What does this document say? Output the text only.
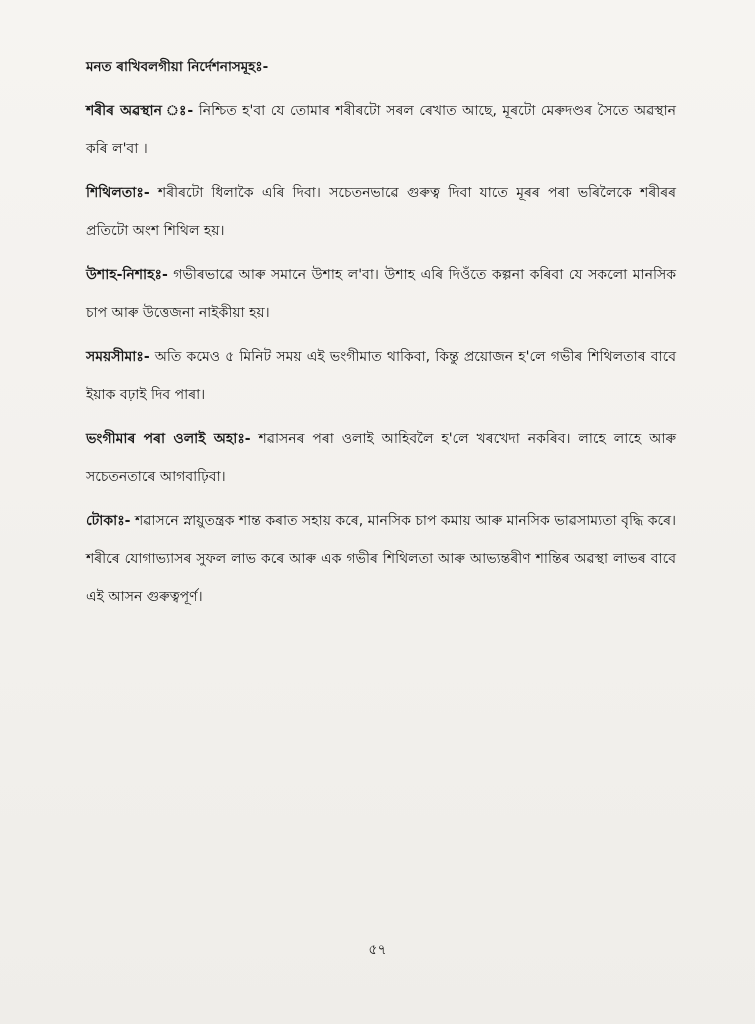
মনত ৰাখিবলগীয়া নিৰ্দেশনাসমূহঃ-

শৰীৰ অৱস্থান ঃ- নিশ্চিত হ'বা যে তোমাৰ শৰীৰটো সৰল ৰেখাত আছে, মূৰটো মেৰুদণ্ডৰ সৈতে অৱস্থান কৰি ল'বা ।

শিথিলতাঃ- শৰীৰটো ধিলাকৈ এৰি দিবা। সচেতনভাৱে গুৰুত্ব দিবা যাতে মূৰৰ পৰা ভৰিলৈকে শৰীৰৰ প্ৰতিটো অংশ শিথিল হয়।

উশাহ-নিশাহঃ- গভীৰভাৱে আৰু সমানে উশাহ ল'বা। উশাহ এৰি দিওঁতে কল্পনা কৰিবা যে সকলো মানসিক চাপ আৰু উত্তেজনা নাইকীয়া হয়।

সময়সীমাঃ- অতি কমেও ৫ মিনিট সময় এই ভংগীমাত থাকিবা, কিন্তু প্ৰয়োজন হ'লে গভীৰ শিথিলতাৰ বাবে ইয়াক বঢ়াই দিব পাৰা।

ভংগীমাৰ পৰা ওলাই অহাঃ- শৱাসনৰ পৰা ওলাই আহিবলৈ হ'লে খৰখেদা নকৰিব। লাহে লাহে আৰু সচেতনতাৰে আগবাঢ়িবা।

টোকাঃ- শৱাসনে স্নায়ুতন্ত্ৰক শান্ত কৰাত সহায় কৰে, মানসিক চাপ কমায় আৰু মানসিক ভাৱসাম্যতা বৃদ্ধি কৰে। শৰীৰে যোগাভ্যাসৰ সুফল লাভ কৰে আৰু এক গভীৰ শিথিলতা আৰু আভ্যন্তৰীণ শান্তিৰ অৱস্থা লাভৰ বাবে এই আসন গুৰুত্বপূৰ্ণ।

৫৭
